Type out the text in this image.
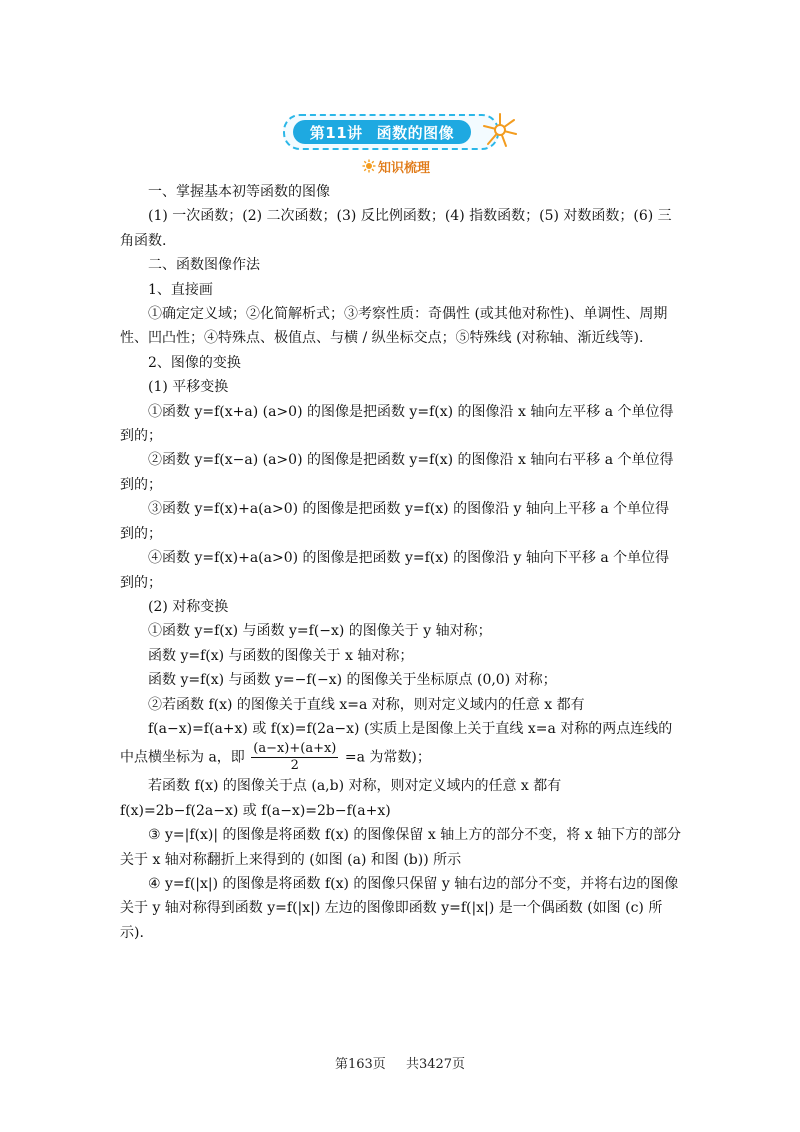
第11讲 函数的图像
知识梳理

一、掌握基本初等函数的图像

(1) 一次函数；(2) 二次函数；(3) 反比例函数；(4) 指数函数；(5) 对数函数；(6) 三角函数.

二、函数图像作法

1、直接画

①确定定义域；②化简解析式；③考察性质：奇偶性 (或其他对称性)、单调性、周期性、凹凸性；④特殊点、极值点、与横 / 纵坐标交点；⑤特殊线 (对称轴、渐近线等).

2、图像的变换

(1) 平移变换

①函数 y=f(x+a) (a>0) 的图像是把函数 y=f(x) 的图像沿 x 轴向左平移 a 个单位得到的；

②函数 y=f(x−a) (a>0) 的图像是把函数 y=f(x) 的图像沿 x 轴向右平移 a 个单位得到的；

③函数 y=f(x)+a(a>0) 的图像是把函数 y=f(x) 的图像沿 y 轴向上平移 a 个单位得到的；

④函数 y=f(x)+a(a>0) 的图像是把函数 y=f(x) 的图像沿 y 轴向下平移 a 个单位得到的；

(2) 对称变换

①函数 y=f(x) 与函数 y=f(−x) 的图像关于 y 轴对称；

函数 y=f(x) 与函数的图像关于 x 轴对称；

函数 y=f(x) 与函数 y=−f(−x) 的图像关于坐标原点 (0,0) 对称；

②若函数 f(x) 的图像关于直线 x=a 对称，则对定义域内的任意 x 都有

f(a−x)=f(a+x) 或 f(x)=f(2a−x) (实质上是图像上关于直线 x=a 对称的两点连线的中点横坐标为 a，即 $\frac{(a-x)+(a+x)}{2} =a$ 为常数)；

若函数 f(x) 的图像关于点 (a,b) 对称，则对定义域内的任意 x 都有 f(x)=2b−f(2a−x) 或 f(a−x)=2b−f(a+x)

③ y=|f(x)| 的图像是将函数 f(x) 的图像保留 x 轴上方的部分不变，将 x 轴下方的部分关于 x 轴对称翻折上来得到的 (如图 (a) 和图 (b)) 所示

④ y=f(|x|) 的图像是将函数 f(x) 的图像只保留 y 轴右边的部分不变，并将右边的图像关于 y 轴对称得到函数 y=f(|x|) 左边的图像即函数 y=f(|x|) 是一个偶函数 (如图 (c) 所示).

第163页 共3427页
